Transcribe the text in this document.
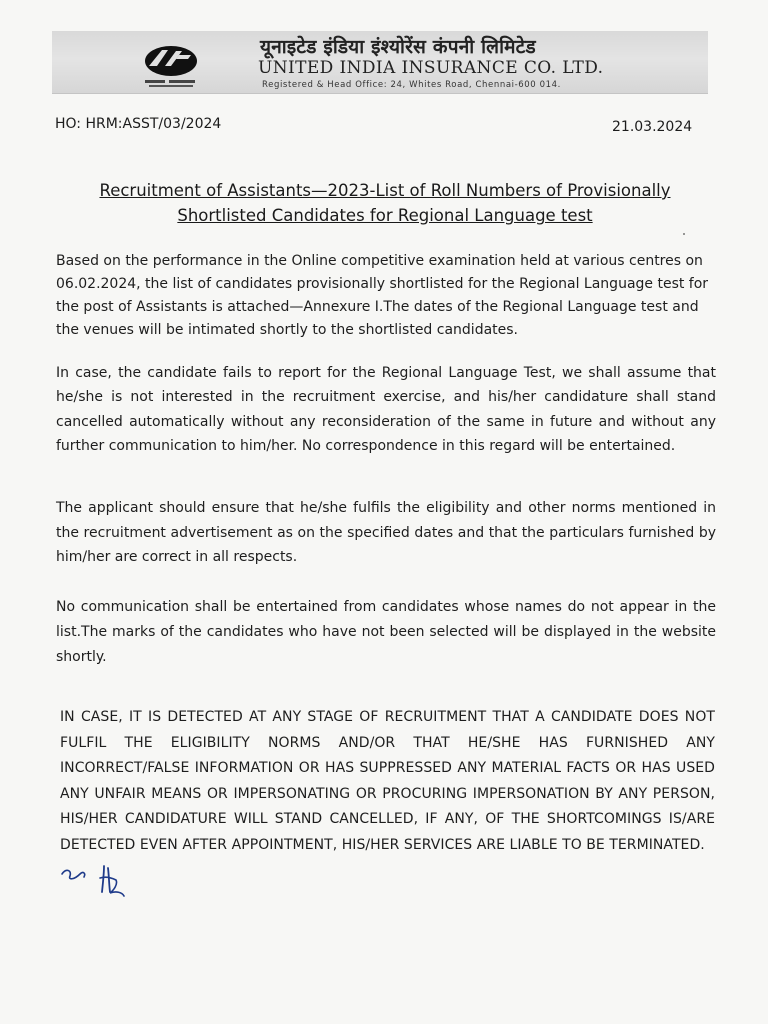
यूनाइटेड इंडिया इंश्योरेंस कंपनी लिमिटेड
UNITED INDIA INSURANCE CO. LTD.
Registered & Head Office: 24, Whites Road, Chennai-600 014.
HO: HRM:ASST/03/2024	21.03.2024
Recruitment of Assistants—2023-List of Roll Numbers of Provisionally Shortlisted Candidates for Regional Language test

Based on the performance in the Online competitive examination held at various centres on 06.02.2024, the list of candidates provisionally shortlisted for the Regional Language test for the post of Assistants is attached—Annexure I.The dates of the Regional Language test and the venues will be intimated shortly to the shortlisted candidates.

In case, the candidate fails to report for the Regional Language Test, we shall assume that he/she is not interested in the recruitment exercise, and his/her candidature shall stand cancelled automatically without any reconsideration of the same in future and without any further communication to him/her. No correspondence in this regard will be entertained.

The applicant should ensure that he/she fulfils the eligibility and other norms mentioned in the recruitment advertisement as on the specified dates and that the particulars furnished by him/her are correct in all respects.

No communication shall be entertained from candidates whose names do not appear in the list.The marks of the candidates who have not been selected will be displayed in the website shortly.

IN CASE, IT IS DETECTED AT ANY STAGE OF RECRUITMENT THAT A CANDIDATE DOES NOT FULFIL THE ELIGIBILITY NORMS AND/OR THAT HE/SHE HAS FURNISHED ANY INCORRECT/FALSE INFORMATION OR HAS SUPPRESSED ANY MATERIAL FACTS OR HAS USED ANY UNFAIR MEANS OR IMPERSONATING OR PROCURING IMPERSONATION BY ANY PERSON, HIS/HER CANDIDATURE WILL STAND CANCELLED, IF ANY, OF THE SHORTCOMINGS IS/ARE DETECTED EVEN AFTER APPOINTMENT, HIS/HER SERVICES ARE LIABLE TO BE TERMINATED.
